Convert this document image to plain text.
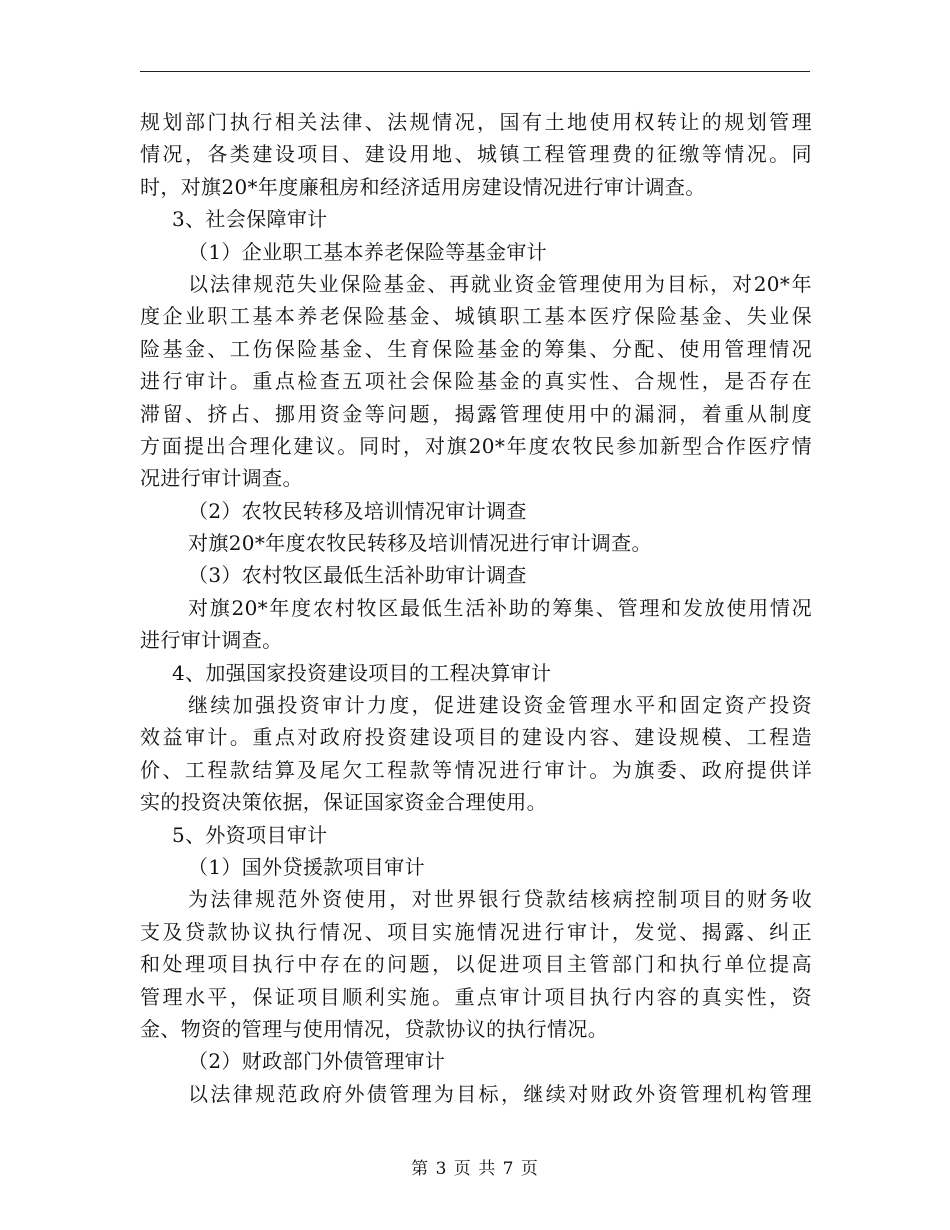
规划部门执行相关法律、法规情况，国有土地使用权转让的规划管理
情况，各类建设项目、建设用地、城镇工程管理费的征缴等情况。同
时，对旗20*年度廉租房和经济适用房建设情况进行审计调查。
3、社会保障审计
（1）企业职工基本养老保险等基金审计
以法律规范失业保险基金、再就业资金管理使用为目标，对20*年
度企业职工基本养老保险基金、城镇职工基本医疗保险基金、失业保
险基金、工伤保险基金、生育保险基金的筹集、分配、使用管理情况
进行审计。重点检查五项社会保险基金的真实性、合规性，是否存在
滞留、挤占、挪用资金等问题，揭露管理使用中的漏洞，着重从制度
方面提出合理化建议。同时，对旗20*年度农牧民参加新型合作医疗情
况进行审计调查。
（2）农牧民转移及培训情况审计调查
对旗20*年度农牧民转移及培训情况进行审计调查。
（3）农村牧区最低生活补助审计调查
对旗20*年度农村牧区最低生活补助的筹集、管理和发放使用情况
进行审计调查。
4、加强国家投资建设项目的工程决算审计
继续加强投资审计力度，促进建设资金管理水平和固定资产投资
效益审计。重点对政府投资建设项目的建设内容、建设规模、工程造
价、工程款结算及尾欠工程款等情况进行审计。为旗委、政府提供详
实的投资决策依据，保证国家资金合理使用。
5、外资项目审计
（1）国外贷援款项目审计
为法律规范外资使用，对世界银行贷款结核病控制项目的财务收
支及贷款协议执行情况、项目实施情况进行审计，发觉、揭露、纠正
和处理项目执行中存在的问题，以促进项目主管部门和执行单位提高
管理水平，保证项目顺利实施。重点审计项目执行内容的真实性，资
金、物资的管理与使用情况，贷款协议的执行情况。
（2）财政部门外债管理审计
以法律规范政府外债管理为目标，继续对财政外资管理机构管理
第 3 页 共 7 页
